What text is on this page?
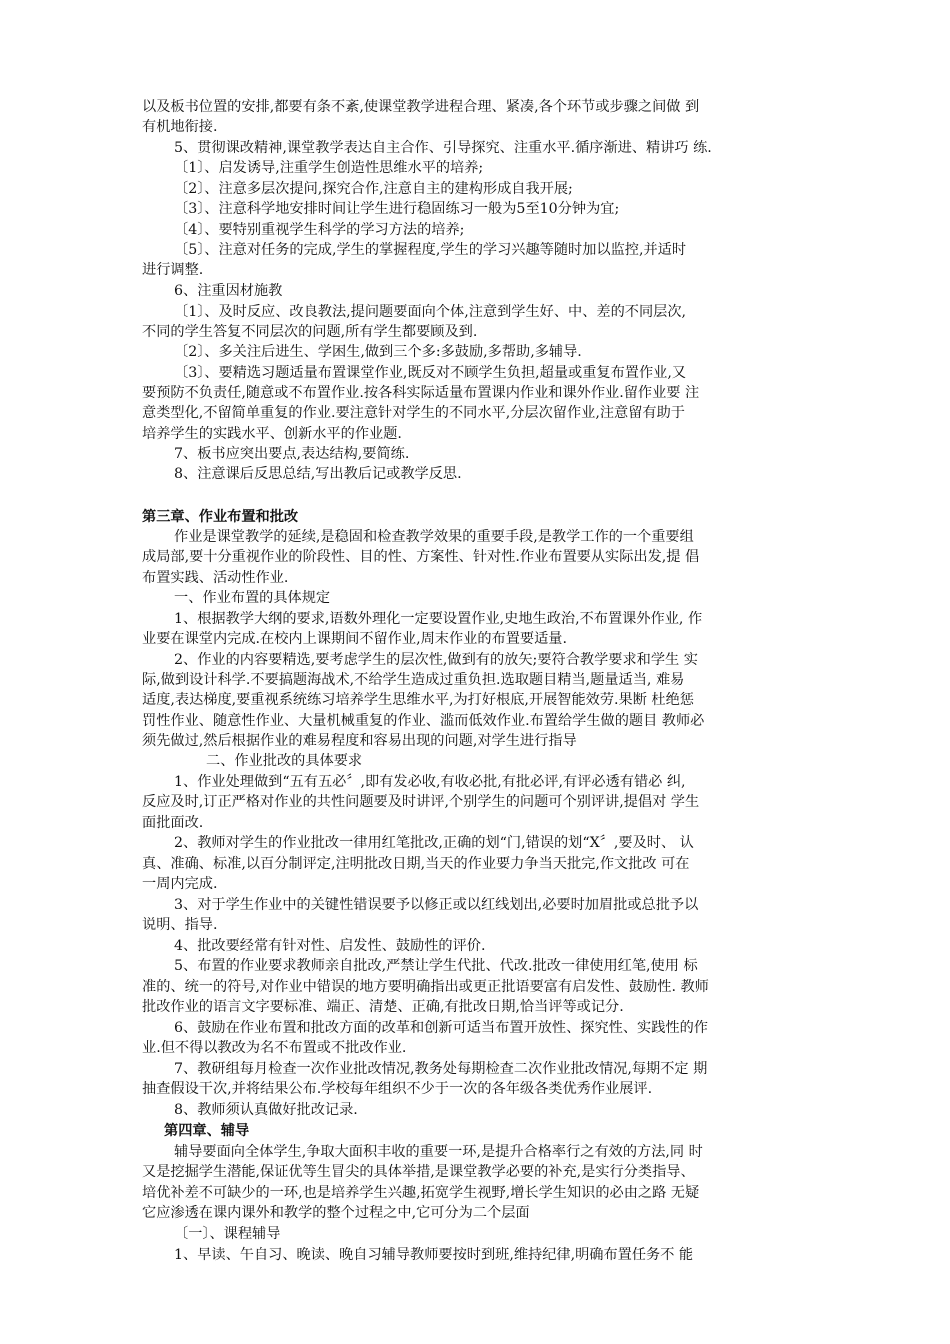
以及板书位置的安排,都要有条不紊,使课堂教学进程合理、紧凑,各个环节或步骤之间做 到
有机地衔接.
5、贯彻课改精神,课堂教学表达自主合作、引导探究、注重水平.循序渐进、精讲巧 练.
〔1〕、启发诱导,注重学生创造性思维水平的培养;
〔2〕、注意多层次提问,探究合作,注意自主的建构形成自我开展;
〔3〕、注意科学地安排时间让学生进行稳固练习一般为5至10分钟为宜;
〔4〕、要特别重视学生科学的学习方法的培养;
〔5〕、注意对任务的完成,学生的掌握程度,学生的学习兴趣等随时加以监控,并适时
进行调整.
6、注重因材施教
〔1〕、及时反应、改良教法,提问题要面向个体,注意到学生好、中、差的不同层次,
不同的学生答复不同层次的问题,所有学生都要顾及到.
〔2〕、多关注后进生、学困生,做到三个多:多鼓励,多帮助,多辅导.
〔3〕、要精选习题适量布置课堂作业,既反对不顾学生负担,超量或重复布置作业,又
要预防不负责任,随意或不布置作业.按各科实际适量布置课内作业和课外作业.留作业要 注
意类型化,不留简单重复的作业.要注意针对学生的不同水平,分层次留作业,注意留有助于
培养学生的实践水平、创新水平的作业题.
7、板书应突出要点,表达结构,要简练.
8、注意课后反思总结,写出教后记或教学反思.
第三章、作业布置和批改
作业是课堂教学的延续,是稳固和检查教学效果的重要手段,是教学工作的一个重要组
成局部,要十分重视作业的阶段性、目的性、方案性、针对性.作业布置要从实际出发,提 倡
布置实践、活动性作业.
一、作业布置的具体规定
1、根据教学大纲的要求,语数外理化一定要设置作业,史地生政治,不布置课外作业, 作
业要在课堂内完成.在校内上课期间不留作业,周末作业的布置要适量.
2、作业的内容要精选,要考虑学生的层次性,做到有的放矢;要符合教学要求和学生 实
际,做到设计科学.不要搞题海战术,不给学生造成过重负担.选取题目精当,题量适当, 难易
适度,表达梯度,要重视系统练习培养学生思维水平,为打好根底,开展智能效劳.果断 杜绝惩
罚性作业、随意性作业、大量机械重复的作业、滥而低效作业.布置给学生做的题目 教师必
须先做过,然后根据作业的难易程度和容易出现的问题,对学生进行指导
二、作业批改的具体要求
1、作业处理做到“五有五必〞,即有发必收,有收必批,有批必评,有评必透有错必 纠,
反应及时,订正严格对作业的共性问题要及时讲评,个别学生的问题可个别评讲,提倡对 学生
面批面改.
2、教师对学生的作业批改一律用红笔批改,正确的划“门,错误的划“X〞,要及时、 认
真、准确、标准,以百分制评定,注明批改日期,当天的作业要力争当天批完,作文批改 可在
一周内完成.
3、对于学生作业中的关键性错误要予以修正或以红线划出,必要时加眉批或总批予以
说明、指导.
4、批改要经常有针对性、启发性、鼓励性的评价.
5、布置的作业要求教师亲自批改,严禁让学生代批、代改.批改一律使用红笔,使用 标
准的、统一的符号,对作业中错误的地方要明确指出或更正批语要富有启发性、鼓励性. 教师
批改作业的语言文字要标准、端正、清楚、正确,有批改日期,恰当评等或记分.
6、鼓励在作业布置和批改方面的改革和创新可适当布置开放性、探究性、实践性的作
业.但不得以教改为名不布置或不批改作业.
7、教研组每月检查一次作业批改情况,教务处每期检查二次作业批改情况,每期不定 期
抽查假设干次,并将结果公布.学校每年组织不少于一次的各年级各类优秀作业展评.
8、教师须认真做好批改记录.
第四章、辅导
辅导要面向全体学生,争取大面积丰收的重要一环,是提升合格率行之有效的方法,同 时
又是挖掘学生潜能,保证优等生冒尖的具体举措,是课堂教学必要的补充,是实行分类指导、
培优补差不可缺少的一环,也是培养学生兴趣,拓宽学生视野,增长学生知识的必由之路 无疑
它应渗透在课内课外和教学的整个过程之中,它可分为二个层面
〔一〕、课程辅导
1、早读、午自习、晚读、晚自习辅导教师要按时到班,维持纪律,明确布置任务不 能
